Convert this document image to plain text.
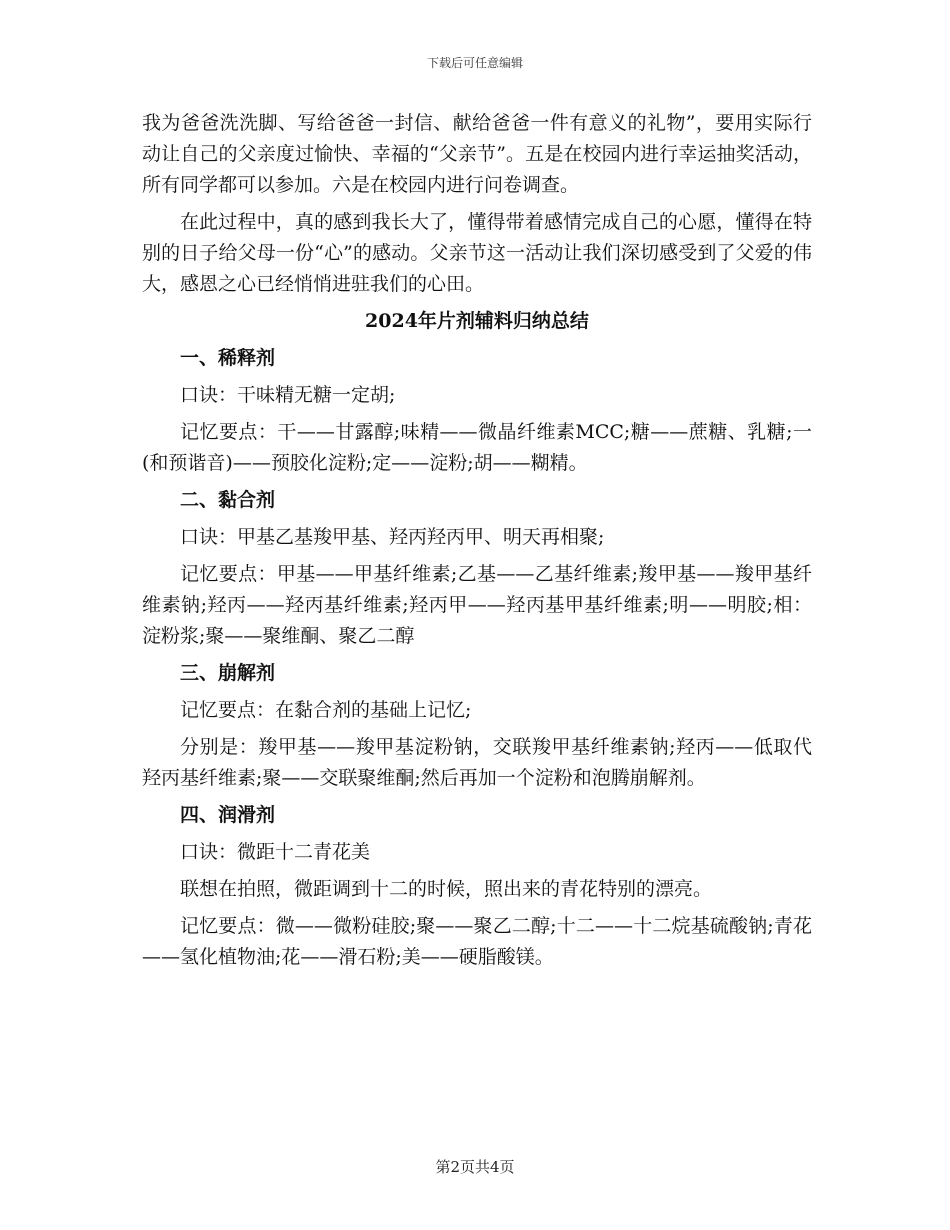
下载后可任意编辑

我为爸爸洗洗脚、写给爸爸一封信、献给爸爸一件有意义的礼物”，要用实际行动让自己的父亲度过愉快、幸福的“父亲节”。五是在校园内进行幸运抽奖活动，所有同学都可以参加。六是在校园内进行问卷调查。

在此过程中，真的感到我长大了，懂得带着感情完成自己的心愿，懂得在特别的日子给父母一份“心”的感动。父亲节这一活动让我们深切感受到了父爱的伟大，感恩之心已经悄悄进驻我们的心田。

2024年片剂辅料归纳总结
一、稀释剂

口诀：干味精无糖一定胡;

记忆要点：干——甘露醇;味精——微晶纤维素MCC;糖——蔗糖、乳糖;一(和预谐音)——预胶化淀粉;定——淀粉;胡——糊精。

二、黏合剂

口诀：甲基乙基羧甲基、羟丙羟丙甲、明天再相聚;

记忆要点：甲基——甲基纤维素;乙基——乙基纤维素;羧甲基——羧甲基纤维素钠;羟丙——羟丙基纤维素;羟丙甲——羟丙基甲基纤维素;明——明胶;相：淀粉浆;聚——聚维酮、聚乙二醇

三、崩解剂

记忆要点：在黏合剂的基础上记忆;

分别是：羧甲基——羧甲基淀粉钠，交联羧甲基纤维素钠;羟丙——低取代羟丙基纤维素;聚——交联聚维酮;然后再加一个淀粉和泡腾崩解剂。

四、润滑剂

口诀：微距十二青花美

联想在拍照，微距调到十二的时候，照出来的青花特别的漂亮。

记忆要点：微——微粉硅胶;聚——聚乙二醇;十二——十二烷基硫酸钠;青花——氢化植物油;花——滑石粉;美——硬脂酸镁。

第2页共4页
